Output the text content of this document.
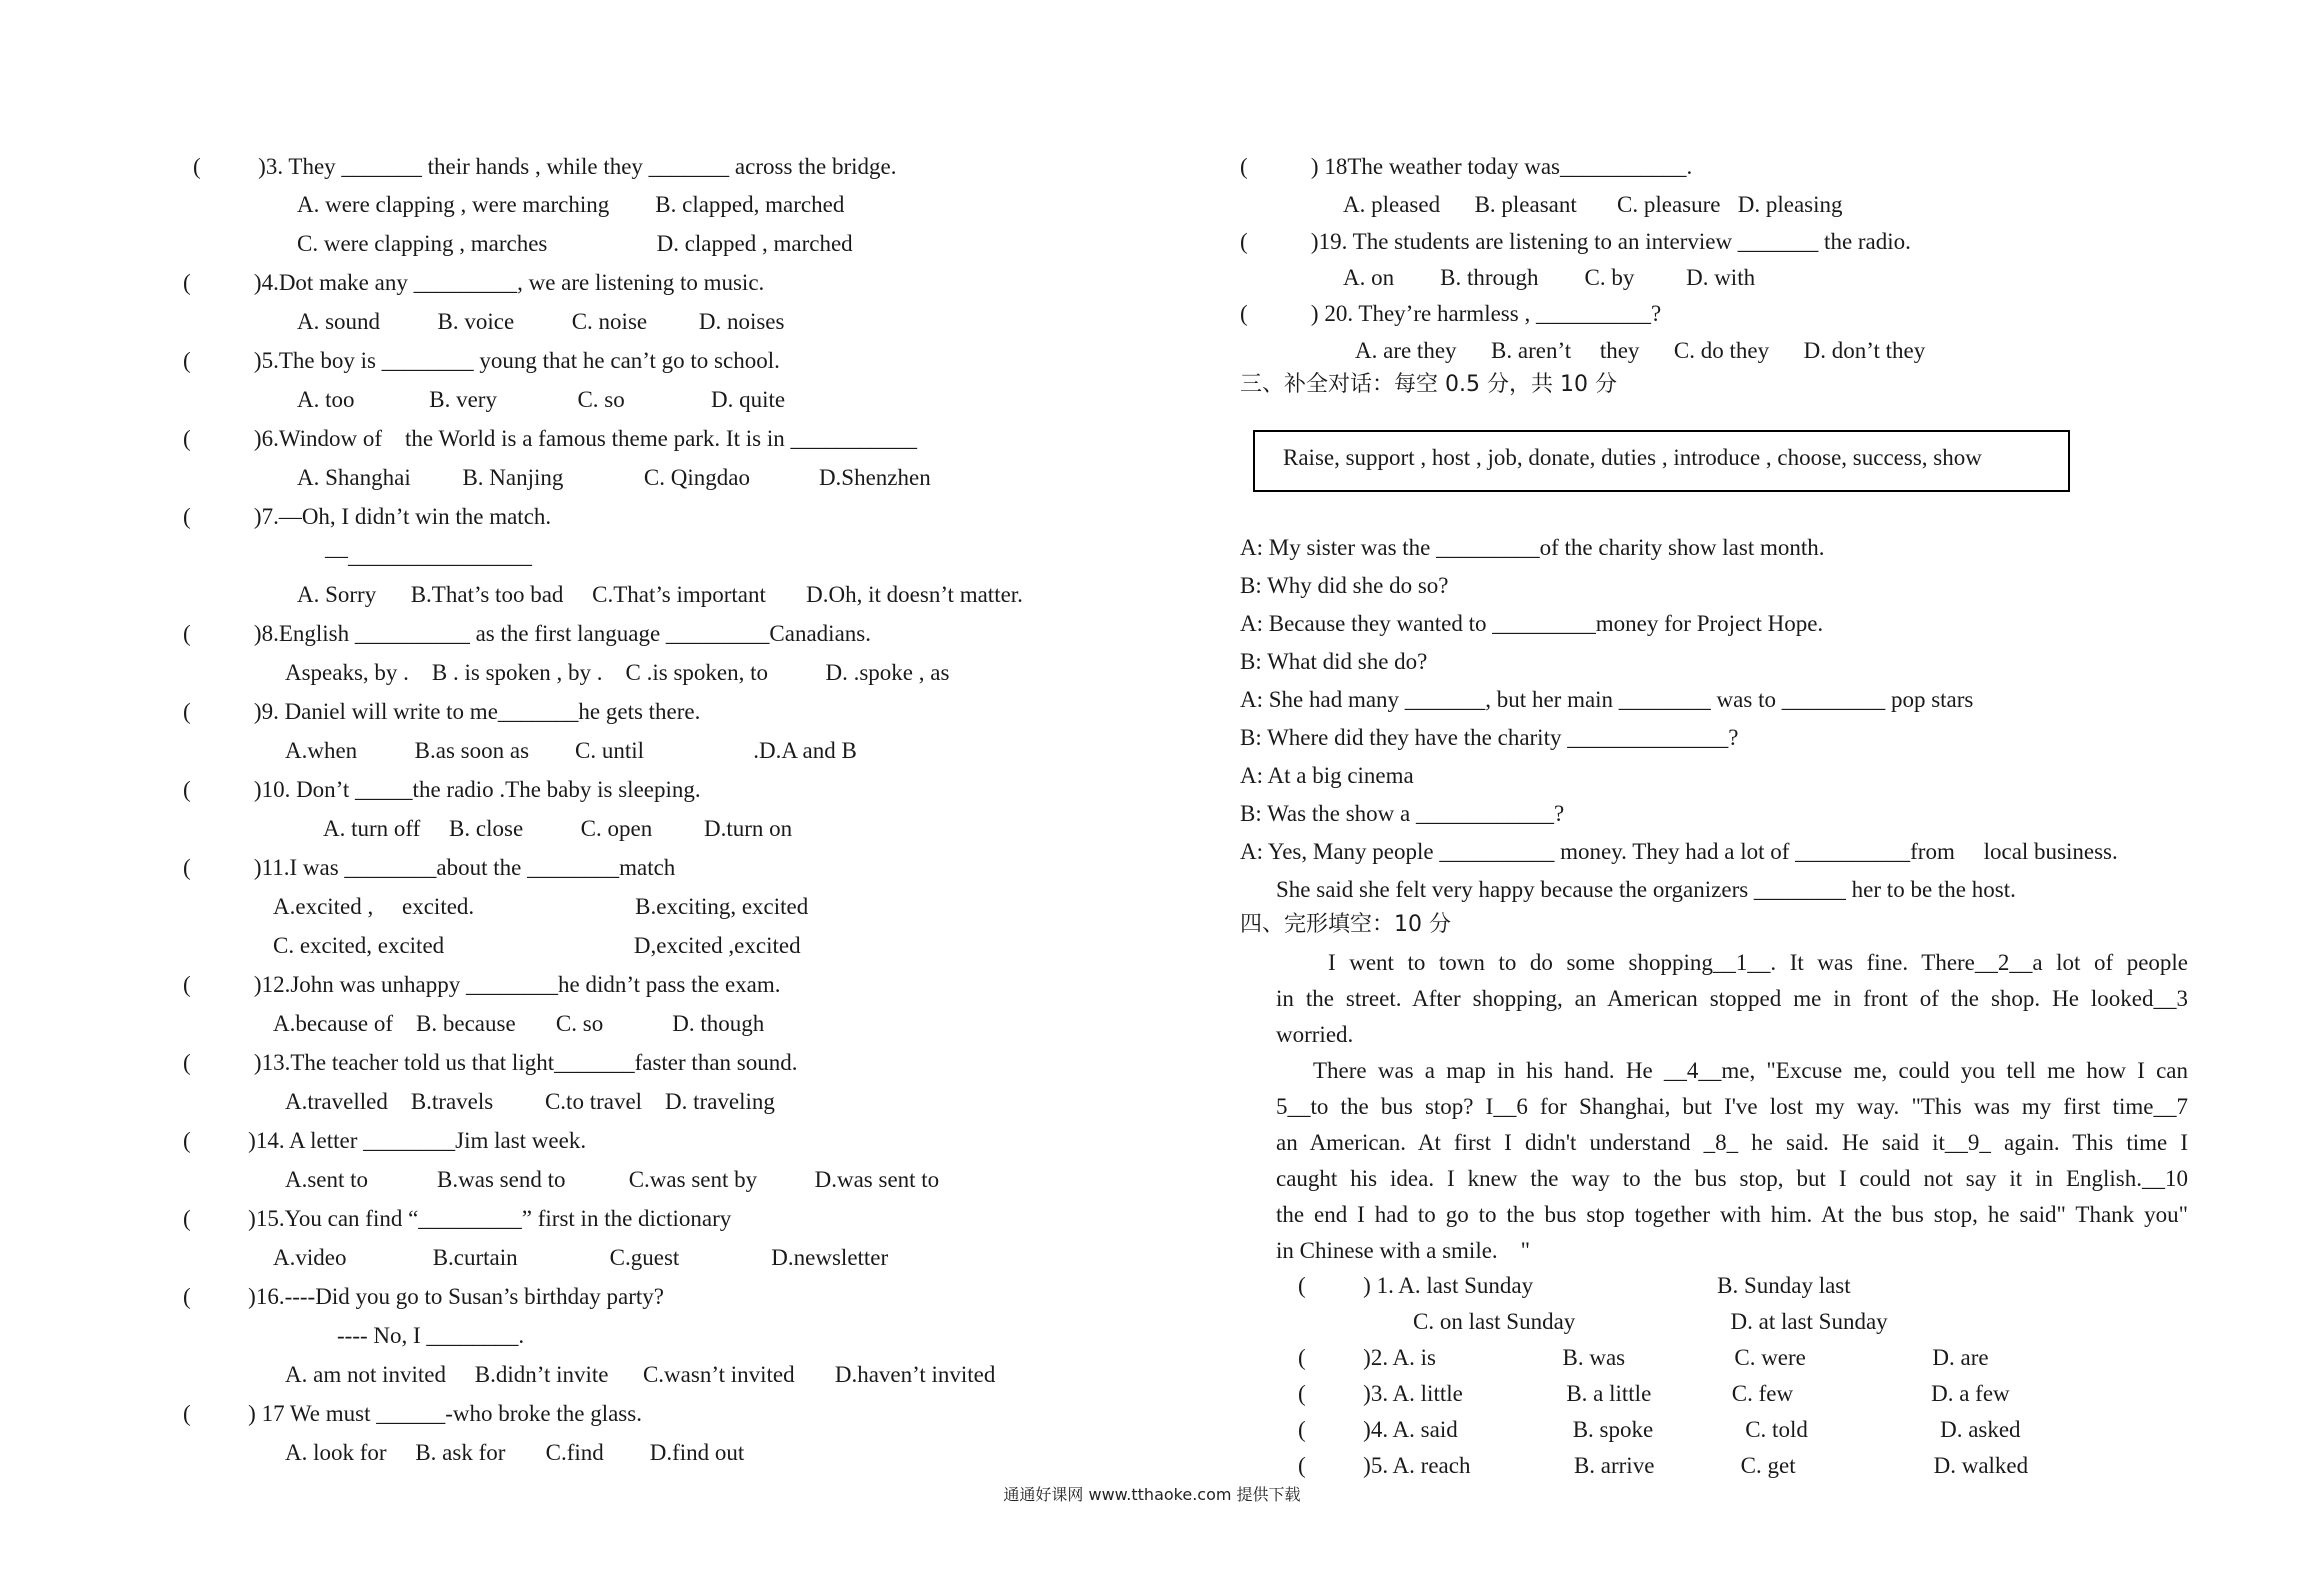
(          )3. They _______ their hands , while they _______ across the bridge.
A. were clapping , were marching        B. clapped, marched
C. were clapping , marches                   D. clapped , marched
(           )4.Dot make any _________, we are listening to music.
A. sound          B. voice          C. noise         D. noises
(           )5.The boy is ________ young that he can’t go to school.
A. too             B. very              C. so               D. quite
(           )6.Window of    the World is a famous theme park. It is in ___________
A. Shanghai         B. Nanjing              C. Qingdao            D.Shenzhen
(           )7.—Oh, I didn’t win the match.
—________________
A. Sorry      B.That’s too bad     C.That’s important       D.Oh, it doesn’t matter.
(           )8.English __________ as the first language _________Canadians.
Aspeaks, by .    B . is spoken , by .    C .is spoken, to          D. .spoke , as
(           )9. Daniel will write to me_______he gets there.
A.when          B.as soon as        C. until                   .D.A and B
(           )10. Don’t _____the radio .The baby is sleeping.
A. turn off     B. close          C. open         D.turn on
(           )11.I was ________about the ________match
A.excited ,     excited.                            B.exciting, excited
C. excited, excited                                 D,excited ,excited
(           )12.John was unhappy ________he didn’t pass the exam.
A.because of    B. because       C. so            D. though
(           )13.The teacher told us that light_______faster than sound.
A.travelled    B.travels         C.to travel    D. traveling
(          )14. A letter ________Jim last week.
A.sent to            B.was send to           C.was sent by          D.was sent to
(          )15.You can find “_________” first in the dictionary
A.video               B.curtain                C.guest                D.newsletter
(          )16.----Did you go to Susan’s birthday party?
---- No, I ________.
A. am not invited     B.didn’t invite      C.wasn’t invited       D.haven’t invited
(          ) 17 We must ______-who broke the glass.
A. look for     B. ask for       C.find        D.find out
(           ) 18The weather today was___________.
A. pleased      B. pleasant       C. pleasure   D. pleasing
(           )19. The students are listening to an interview _______ the radio.
A. on        B. through        C. by         D. with
(           ) 20. They’re harmless , __________?
A. are they      B. aren’t     they      C. do they      D. don’t they
A: My sister was the _________of the charity show last month.
B: Why did she do so?
A: Because they wanted to _________money for Project Hope.
B: What did she do?
A: She had many _______, but her main ________ was to _________ pop stars
B: Where did they have the charity ______________?
A: At a big cinema
B: Was the show a ____________?
A: Yes, Many people __________ money. They had a lot of __________from     local business.
She said she felt very happy because the organizers ________ her to be the host.
三、补全对话：每空 0.5 分，共 10 分
Raise, support , host , job, donate, duties , introduce , choose, success, show
四、完形填空：10 分
I went to town to do some shopping__1__. It was fine. There__2__a lot of people
in the street. After shopping, an American stopped me in front of the shop. He looked__3
worried.
There was a map in his hand. He __4__me, "Excuse me, could you tell me how I can
5__to the bus stop? I__6 for Shanghai, but I've lost my way. "This was my first time__7
an American. At first I didn't understand _8_ he said. He said it__9_ again. This time I
caught his idea. I knew the way to the bus stop, but I could not say it in English.__10
the end I had to go to the bus stop together with him. At the bus stop, he said" Thank you"
in Chinese with a smile.    "
(          ) 1. A. last Sunday                                B. Sunday last
C. on last Sunday                           D. at last Sunday
(          )2. A. is                      B. was                   C. were                      D. are
(          )3. A. little                  B. a little              C. few                        D. a few
(          )4. A. said                    B. spoke                C. told                       D. asked
(          )5. A. reach                  B. arrive               C. get                        D. walked
通通好课网 www.tthaoke.com 提供下载
